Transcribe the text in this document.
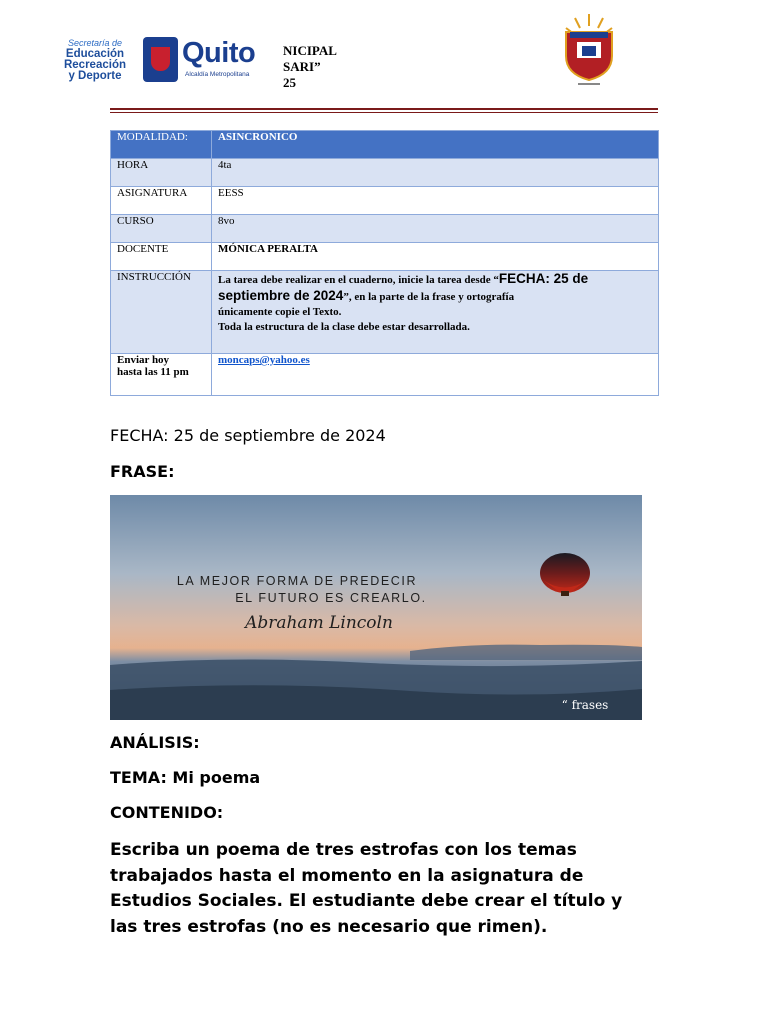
Secretaría de
Educación
Recreación
y Deporte
Quito
Alcaldía Metropolitana
NICIPAL
SARI”
25
MODALIDAD:	ASINCRONICO
HORA	4ta
ASIGNATURA	EESS
CURSO	8vo
DOCENTE	MÓNICA PERALTA
INSTRUCCIÓN	La tarea debe realizar en el cuaderno, inicie la tarea desde “FECHA: 25 de septiembre de 2024”, en la parte de la frase y ortografía
únicamente copie el Texto.
Toda la estructura de la clase debe estar desarrollada.

Enviar hoy
hasta las 11 pm	moncaps@yahoo.es
FECHA: 25 de septiembre de 2024
FRASE:
LA MEJOR FORMA DE PREDECIR
EL FUTURO ES CREARLO.
Abraham Lincoln
“ frases
ANÁLISIS:
TEMA: Mi poema
CONTENIDO:
Escriba un poema de tres estrofas con los temas trabajados hasta el momento en la asignatura de Estudios Sociales. El estudiante debe crear el título y las tres estrofas (no es necesario que rimen).
